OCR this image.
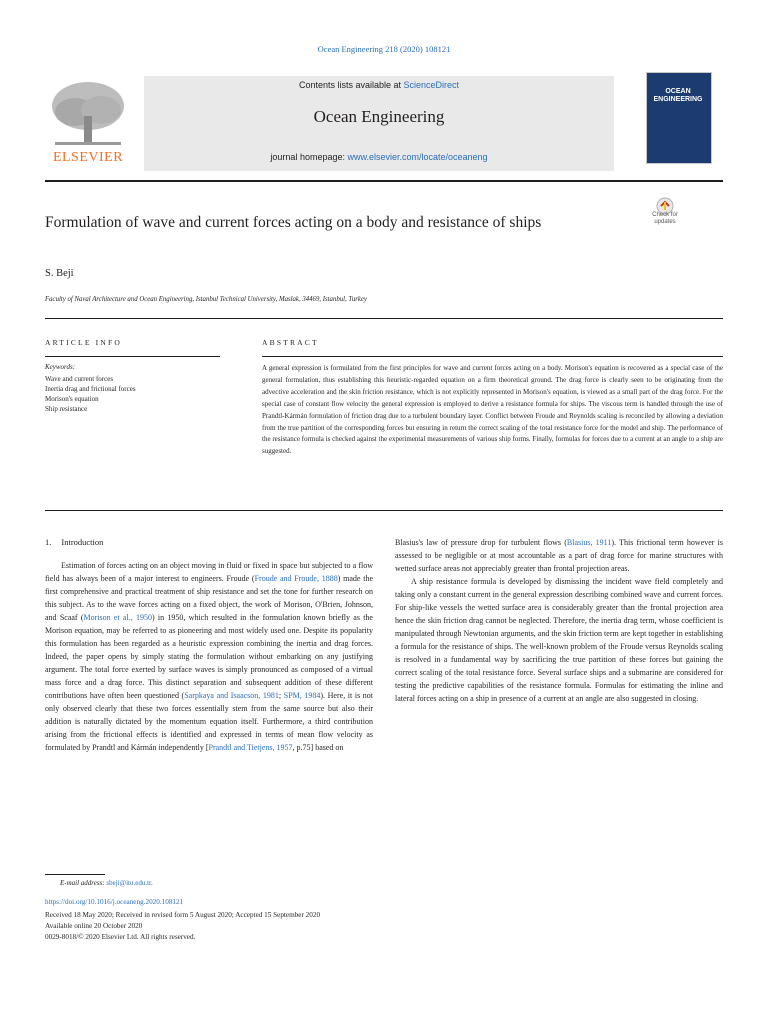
Ocean Engineering 218 (2020) 108121
ELSEVIER
Contents lists available at ScienceDirect
Ocean Engineering
journal homepage: www.elsevier.com/locate/oceaneng
OCEAN ENGINEERING
Formulation of wave and current forces acting on a body and resistance of ships	Check for updates
S. Beji
Faculty of Naval Architecture and Ocean Engineering, Istanbul Technical University, Maslak, 34469, Istanbul, Turkey
ARTICLE INFO	ABSTRACT
Keywords:
Wave and current forces
Inertia drag and frictional forces
Morison's equation
Ship resistance
A general expression is formulated from the first principles for wave and current forces acting on a body. Morison's equation is recovered as a special case of the general formulation, thus establishing this heuristic-regarded equation on a firm theoretical ground. The drag force is clearly seen to be originating from the advective acceleration and the skin friction resistance, which is not explicitly represented in Morison's equation, is viewed as a small part of the drag force. For the special case of constant flow velocity the general expression is employed to derive a resistance formula for ships. The viscous term is handled through the use of Prandtl-Kármán formulation of friction drag due to a turbulent boundary layer. Conflict between Froude and Reynolds scaling is reconciled by allowing a deviation from the true partition of the corresponding forces but ensuring in return the correct scaling of the total resistance force for the model and ship. The performance of the resistance formula is checked against the experimental measurements of various ship forms. Finally, formulas for forces due to a current at an angle to a ship are suggested.
1. Introduction

Estimation of forces acting on an object moving in fluid or fixed in space but subjected to a flow field has always been of a major interest to engineers. Froude (Froude and Froude, 1888) made the first comprehensive and practical treatment of ship resistance and set the tone for further research on this subject. As to the wave forces acting on a fixed object, the work of Morison, O'Brien, Johnson, and Scaaf (Morison et al., 1950) in 1950, which resulted in the formulation known briefly as the Morison equation, may be referred to as pioneering and most widely used one. Despite its popularity this formulation has been regarded as a heuristic expression combining the inertia and drag forces. Indeed, the paper opens by simply stating the formulation without embarking on any justifying argument. The total force exerted by surface waves is simply pronounced as composed of a virtual mass force and a drag force. This distinct separation and subsequent addition of these different contributions have often been questioned (Sarpkaya and Isaacson, 1981; SPM, 1984). Here, it is not only observed clearly that these two forces essentially stem from the same source but also their addition is naturally dictated by the momentum equation itself. Furthermore, a third contribution arising from the frictional effects is identified and expressed in terms of mean flow velocity as formulated by Prandtl and Kármán independently [Prandtl and Tietjens, 1957, p.75] based on

Blasius's law of pressure drop for turbulent flows (Blasius, 1911). This frictional term however is assessed to be negligible or at most accountable as a part of drag force for marine structures with wetted surface areas not appreciably greater than frontal projection areas.

A ship resistance formula is developed by dismissing the incident wave field completely and taking only a constant current in the general expression describing combined wave and current forces. For ship-like vessels the wetted surface area is considerably greater than the frontal projection area hence the skin friction drag cannot be neglected. Therefore, the inertia drag term, whose coefficient is manipulated through Newtonian arguments, and the skin friction term are kept together in establishing a formula for the resistance of ships. The well-known problem of the Froude versus Reynolds scaling is resolved in a fundamental way by sacrificing the true partition of these forces but gaining the correct scaling of the total resistance force. Several surface ships and a submarine are considered for testing the predictive capabilities of the resistance formula. Formulas for estimating the inline and lateral forces acting on a ship in presence of a current at an angle are also suggested in closing.

E-mail address: sbeji@itu.edu.tr.
https://doi.org/10.1016/j.oceaneng.2020.108121
Received 18 May 2020; Received in revised form 5 August 2020; Accepted 15 September 2020
Available online 20 October 2020
0029-8018/© 2020 Elsevier Ltd. All rights reserved.
